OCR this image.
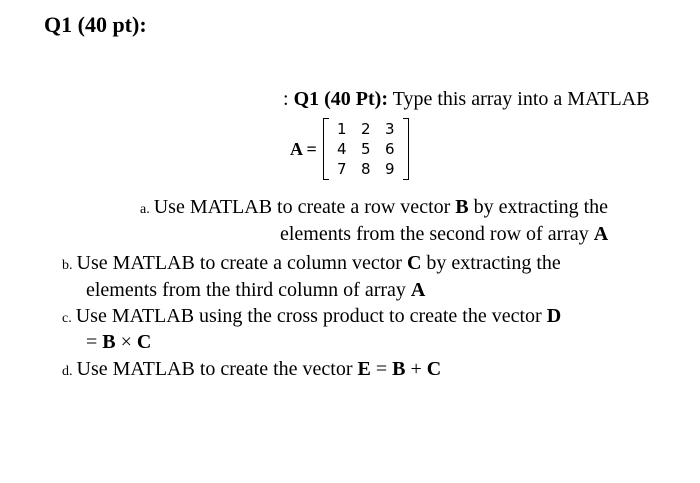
Q1 (40 pt):
: Q1 (40 Pt): Type this array into a MATLAB
A =
1 2 3
4 5 6
7 8 9
a. Use MATLAB to create a row vector B by extracting the
elements from the second row of array A
b. Use MATLAB to create a column vector C by extracting the
elements from the third column of array A
c. Use MATLAB using the cross product to create the vector D
= B × C
d. Use MATLAB to create the vector E = B + C
